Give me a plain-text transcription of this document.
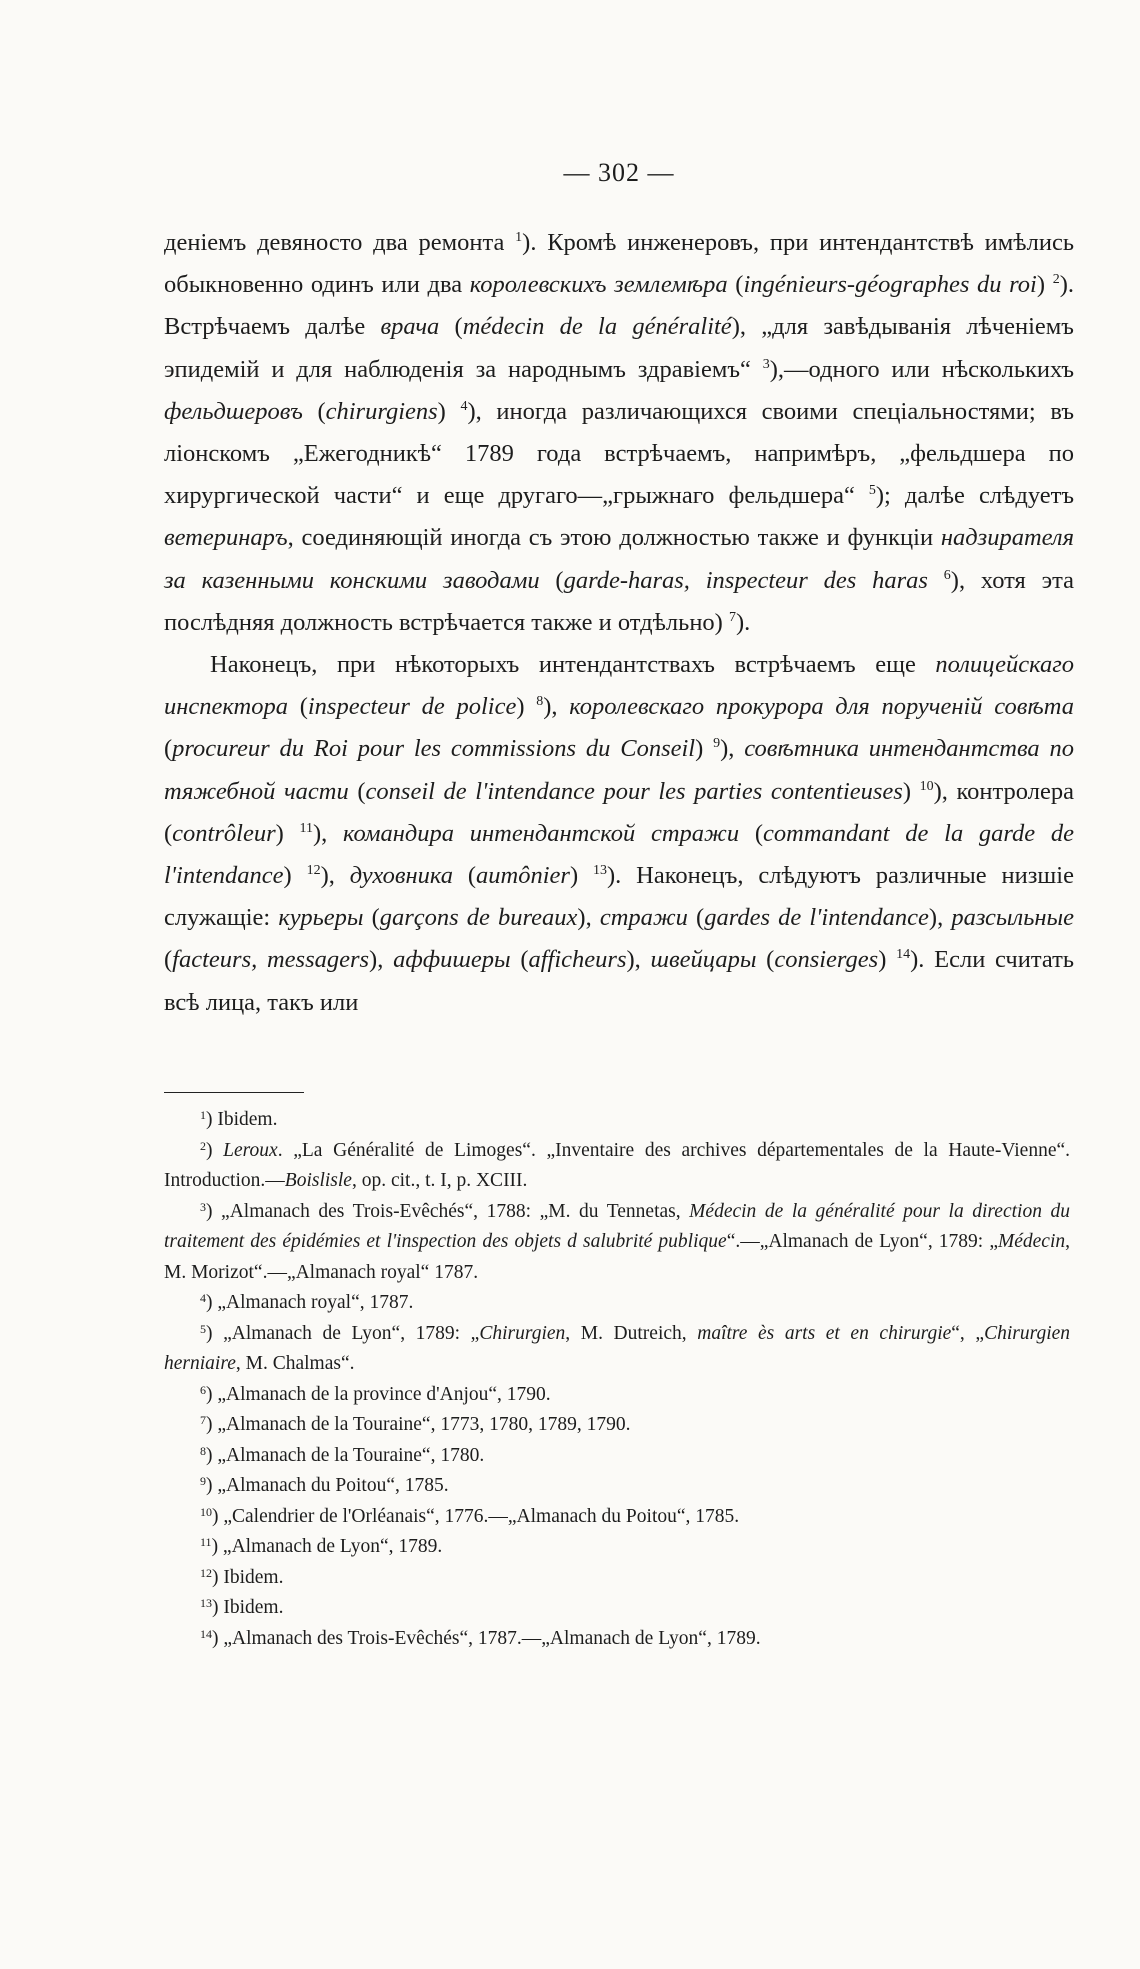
— 302 —

деніемъ девяносто два ремонта $^1$). Кромѣ инженеровъ, при интендантствѣ имѣлись обыкновенно одинъ или два королевскихъ землемѣра (ingénieurs-géographes du roi) $^2$). Встрѣчаемъ далѣе врача (médecin de la généralité), „для завѣдыванія лѣченіемъ эпидемій и для наблюденія за народнымъ здравіемъ“ $^3$),—одного или нѣсколькихъ фельдшеровъ (chirurgiens) $^4$), иногда различающихся своими спеціальностями; въ ліонскомъ „Ежегодникѣ“ 1789 года встрѣчаемъ, напримѣръ, „фельдшера по хирургической части“ и еще другаго—„грыжнаго фельдшера“ $^5$); далѣе слѣдуетъ ветеринаръ, соединяющій иногда съ этою должностью также и функціи надзирателя за казенными конскими заводами (garde-haras, inspecteur des haras $^6$), хотя эта послѣдняя должность встрѣчается также и отдѣльно) $^7$).

Наконецъ, при нѣкоторыхъ интендантствахъ встрѣчаемъ еще полицейскаго инспектора (inspecteur de police) $^8$), королевскаго прокурора для порученій совѣта (procureur du Roi pour les commissions du Conseil) $^9$), совѣтника интендантства по тяжебной части (conseil de l'intendance pour les parties contentieuses) $^{10}$), контролера (contrôleur) $^{11}$), командира интендантской стражи (commandant de la garde de l'intendance) $^{12}$), духовника (aumônier) $^{13}$). Наконецъ, слѣдуютъ различные низшіе служащіе: курьеры (garçons de bureaux), стражи (gardes de l'intendance), разсыльные (facteurs, messagers), аффишеры (afficheurs), швейцары (consierges) $^{14}$). Если считать всѣ лица, такъ или

$^1$) Ibidem.

$^2$) Leroux. „La Généralité de Limoges“. „Inventaire des archives départementales de la Haute-Vienne“. Introduction.—Boislisle, op. cit., t. I, p. XCIII.

$^3$) „Almanach des Trois-Evêchés“, 1788: „M. du Tennetas, Médecin de la généralité pour la direction du traitement des épidémies et l'inspection des objets d salubrité publique“.—„Almanach de Lyon“, 1789: „Médecin, M. Morizot“.—„Almanach royal“ 1787.

$^4$) „Almanach royal“, 1787.

$^5$) „Almanach de Lyon“, 1789: „Chirurgien, M. Dutreich, maître ès arts et en chirurgie“, „Chirurgien herniaire, M. Chalmas“.

$^6$) „Almanach de la province d'Anjou“, 1790.

$^7$) „Almanach de la Touraine“, 1773, 1780, 1789, 1790.

$^8$) „Almanach de la Touraine“, 1780.

$^9$) „Almanach du Poitou“, 1785.

$^{10}$) „Calendrier de l'Orléanais“, 1776.—„Almanach du Poitou“, 1785.

$^{11}$) „Almanach de Lyon“, 1789.

$^{12}$) Ibidem.

$^{13}$) Ibidem.

$^{14}$) „Almanach des Trois-Evêchés“, 1787.—„Almanach de Lyon“, 1789.
